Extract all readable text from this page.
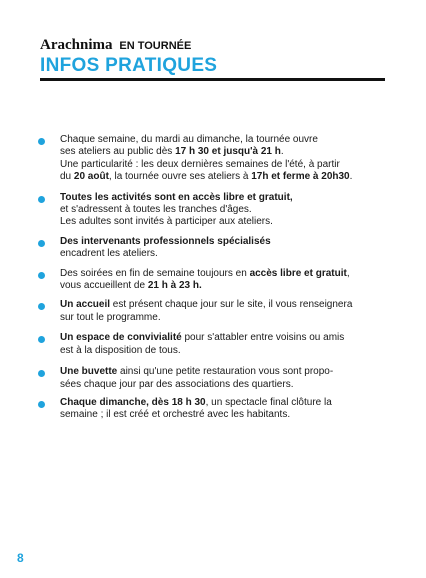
Arachnima EN TOURNÉE
INFOS PRATIQUES
Chaque semaine, du mardi au dimanche, la tournée ouvre
ses ateliers au public dès 17 h 30 et jusqu'à 21 h.
Une particularité : les deux dernières semaines de l'été, à partir
du 20 août, la tournée ouvre ses ateliers à 17h et ferme à 20h30.
Toutes les activités sont en accès libre et gratuit,
et s'adressent à toutes les tranches d'âges.
Les adultes sont invités à participer aux ateliers.
Des intervenants professionnels spécialisés
encadrent les ateliers.
Des soirées en fin de semaine toujours en accès libre et gratuit,
vous accueillent de 21 h à 23 h.
Un accueil est présent chaque jour sur le site, il vous renseignera
sur tout le programme.
Un espace de convivialité pour s'attabler entre voisins ou amis
est à la disposition de tous.
Une buvette ainsi qu'une petite restauration vous sont propo-
sées chaque jour par des associations des quartiers.
Chaque dimanche, dès 18 h 30, un spectacle final clôture la
semaine ; il est créé et orchestré avec les habitants.
8
